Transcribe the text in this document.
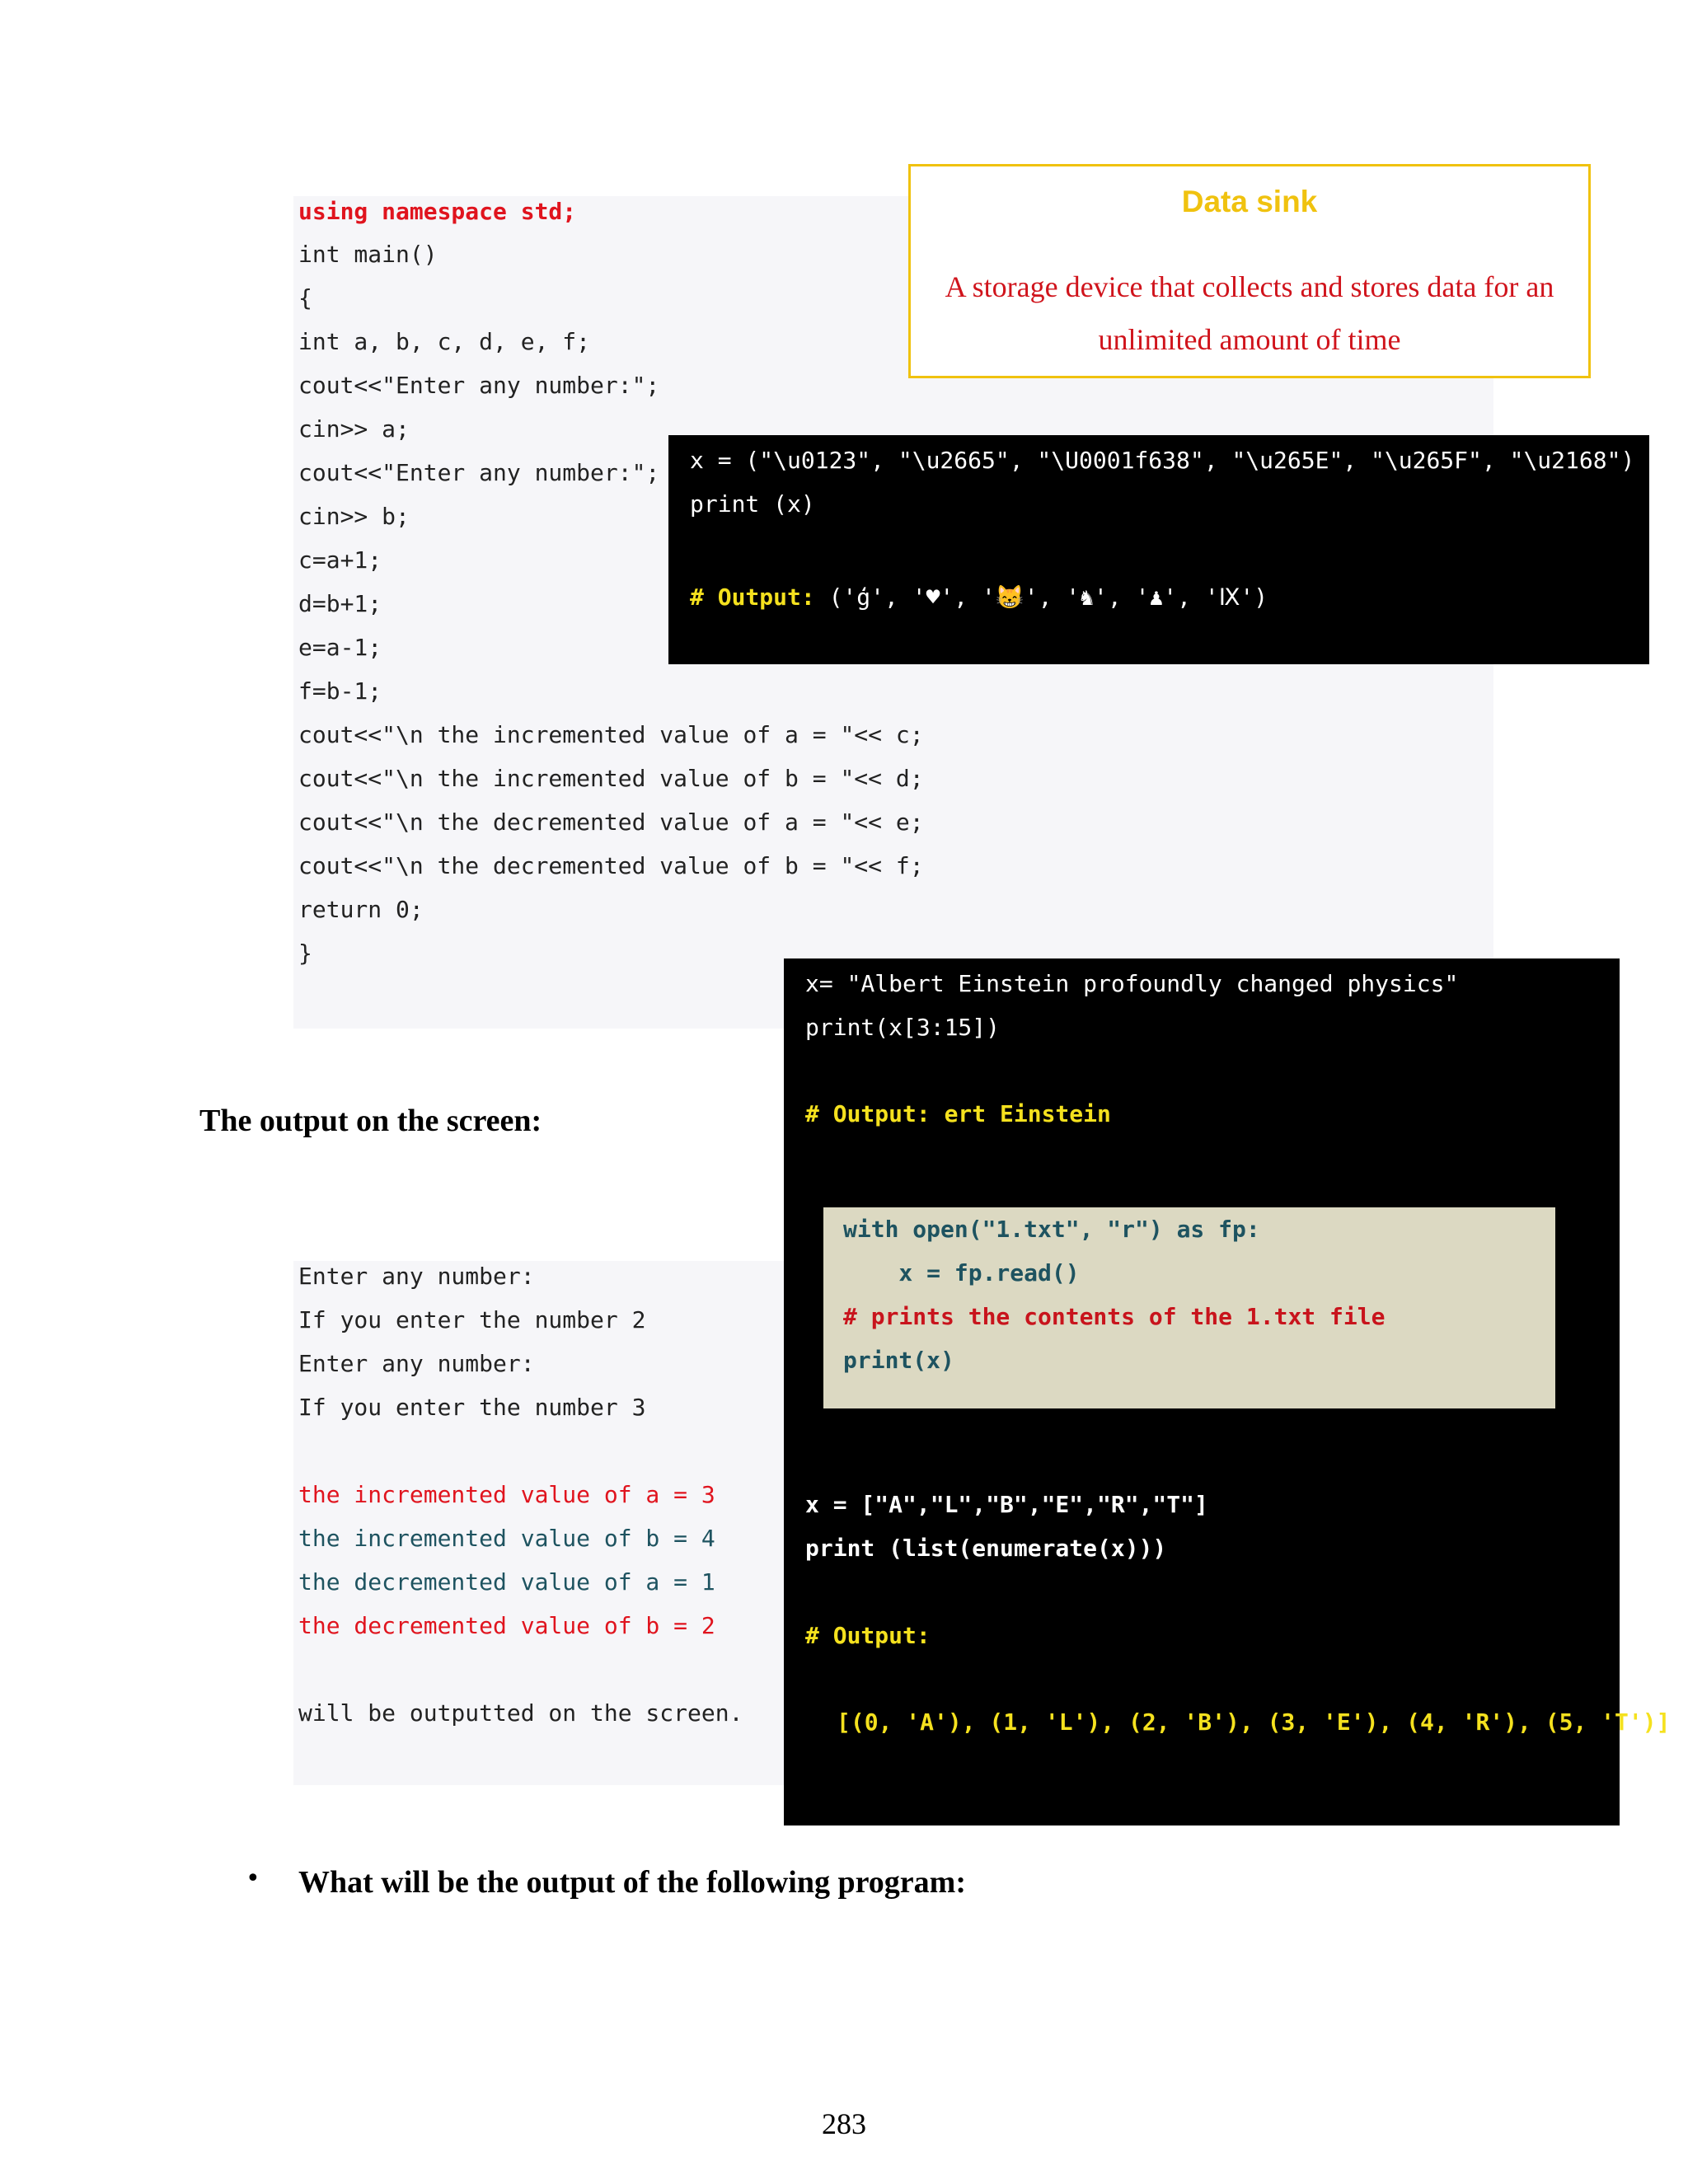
using namespace std;
int main()
{
int a, b, c, d, e, f;
cout<<"Enter any number:";
cin>> a;
cout<<"Enter any number:";
cin>> b;
c=a+1;
d=b+1;
e=a-1;
f=b-1;
cout<<"\n the incremented value of a = "<< c;
cout<<"\n the incremented value of b = "<< d;
cout<<"\n the decremented value of a = "<< e;
cout<<"\n the decremented value of b = "<< f;
return 0;
}
Data sink
A storage device that collects and stores data for an
unlimited amount of time
x = ("\u0123", "\u2665", "\U0001f638", "\u265E", "\u265F", "\u2168")
print (x)
# Output: ('ģ', '♥', '😸', '♞', '♟', 'Ⅸ')
The output on the screen:
Enter any number:
If you enter the number 2
Enter any number:
If you enter the number 3
the incremented value of a = 3
the incremented value of b = 4
the decremented value of a = 1
the decremented value of b = 2
will be outputted on the screen.
x= "Albert Einstein profoundly changed physics"
print(x[3:15])
# Output: ert Einstein
with open("1.txt", "r") as fp:
x = fp.read()
# prints the contents of the 1.txt file
print(x)
x = ["A","L","B","E","R","T"]
print (list(enumerate(x)))
# Output:
[(0, 'A'), (1, 'L'), (2, 'B'), (3, 'E'), (4, 'R'), (5, 'T')]
• What will be the output of the following program:
283
